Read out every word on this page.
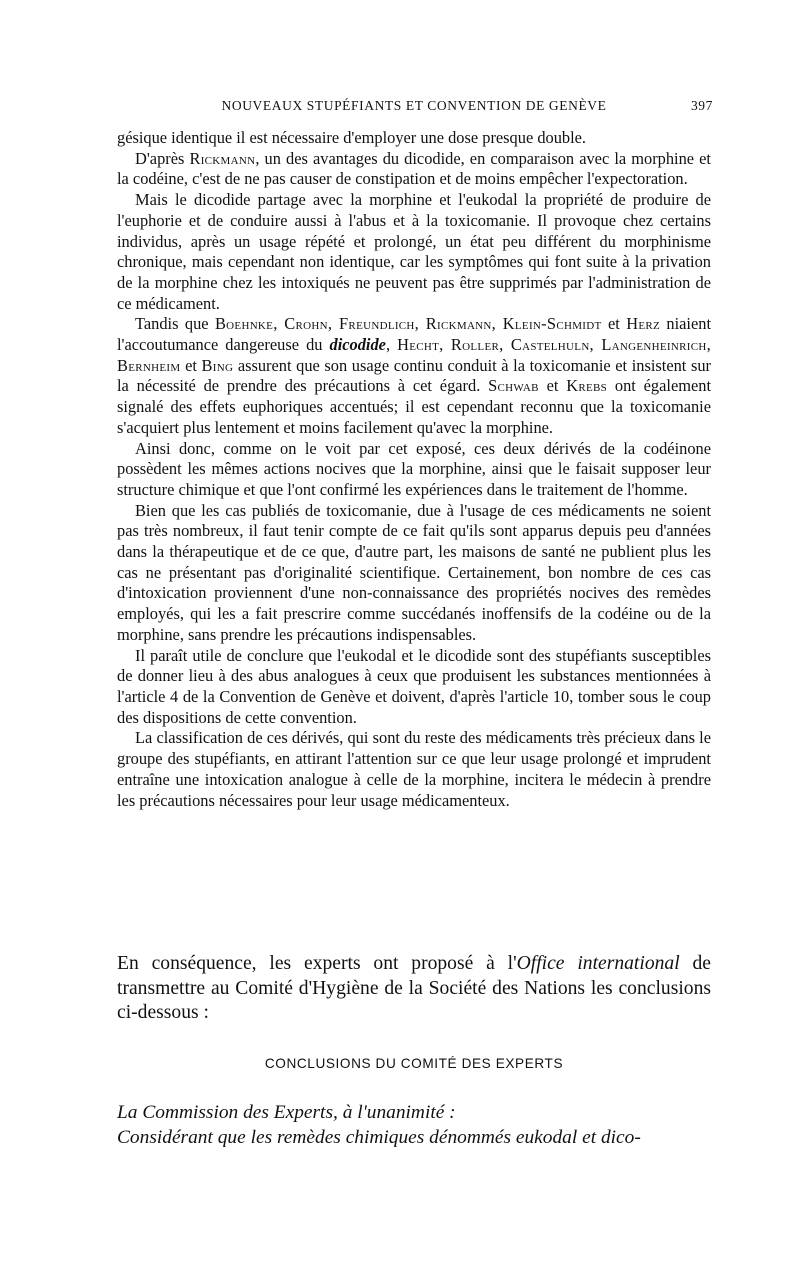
NOUVEAUX STUPÉFIANTS ET CONVENTION DE GENÈVE	397

gésique identique il est nécessaire d'employer une dose presque double.

D'après Rickmann, un des avantages du dicodide, en comparaison avec la morphine et la codéine, c'est de ne pas causer de constipation et de moins empêcher l'expectoration.

Mais le dicodide partage avec la morphine et l'eukodal la propriété de produire de l'euphorie et de conduire aussi à l'abus et à la toxicomanie. Il provoque chez certains individus, après un usage répété et prolongé, un état peu différent du morphinisme chronique, mais cependant non identique, car les symptômes qui font suite à la privation de la morphine chez les intoxiqués ne peuvent pas être supprimés par l'administration de ce médicament.

Tandis que Boehnke, Crohn, Freundlich, Rickmann, Klein-Schmidt et Herz niaient l'accoutumance dangereuse du dicodide, Hecht, Roller, Castelhuln, Langenheinrich, Bernheim et Bing assurent que son usage continu conduit à la toxicomanie et insistent sur la nécessité de prendre des précautions à cet égard. Schwab et Krebs ont également signalé des effets euphoriques accentués; il est cependant reconnu que la toxicomanie s'acquiert plus lentement et moins facilement qu'avec la morphine.

Ainsi donc, comme on le voit par cet exposé, ces deux dérivés de la codéinone possèdent les mêmes actions nocives que la morphine, ainsi que le faisait supposer leur structure chimique et que l'ont confirmé les expériences dans le traitement de l'homme.

Bien que les cas publiés de toxicomanie, due à l'usage de ces médicaments ne soient pas très nombreux, il faut tenir compte de ce fait qu'ils sont apparus depuis peu d'années dans la thérapeutique et de ce que, d'autre part, les maisons de santé ne publient plus les cas ne présentant pas d'originalité scientifique. Certainement, bon nombre de ces cas d'intoxication proviennent d'une non-connaissance des propriétés nocives des remèdes employés, qui les a fait prescrire comme succédanés inoffensifs de la codéine ou de la morphine, sans prendre les précautions indispensables.

Il paraît utile de conclure que l'eukodal et le dicodide sont des stupéfiants susceptibles de donner lieu à des abus analogues à ceux que produisent les substances mentionnées à l'article 4 de la Convention de Genève et doivent, d'après l'article 10, tomber sous le coup des dispositions de cette convention.

La classification de ces dérivés, qui sont du reste des médicaments très précieux dans le groupe des stupéfiants, en attirant l'attention sur ce que leur usage prolongé et imprudent entraîne une intoxication analogue à celle de la morphine, incitera le médecin à prendre les précautions nécessaires pour leur usage médicamenteux.

En conséquence, les experts ont proposé à l'Office international de transmettre au Comité d'Hygiène de la Société des Nations les conclusions ci-dessous :

CONCLUSIONS DU COMITÉ DES EXPERTS

La Commission des Experts, à l'unanimité :

Considérant que les remèdes chimiques dénommés eukodal et dico-
